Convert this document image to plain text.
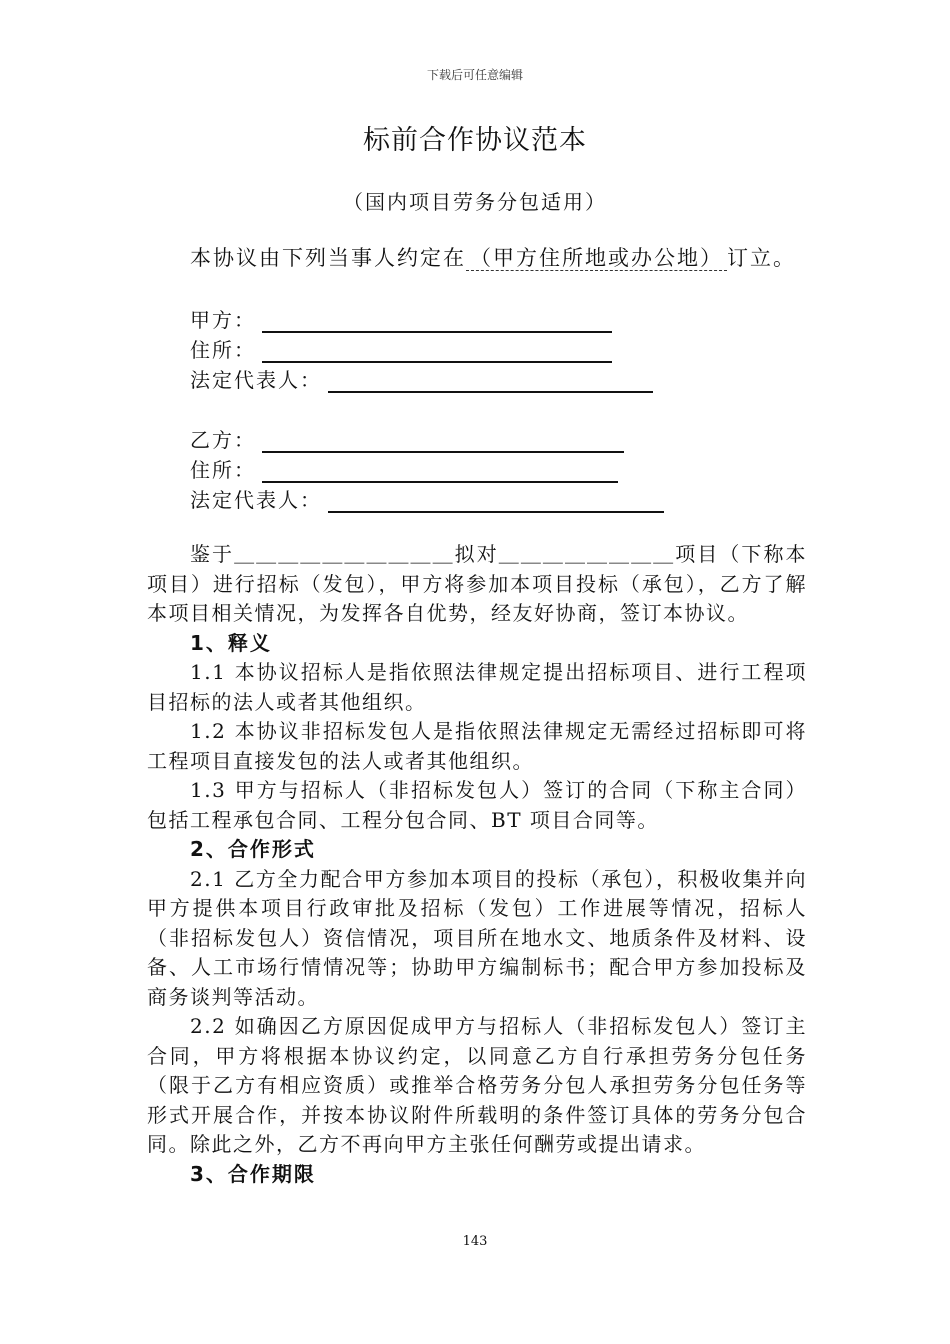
下载后可任意编辑
标前合作协议范本
（国内项目劳务分包适用）
本协议由下列当事人约定在 （甲方住所地或办公地） 订立。
甲方：
住所：
法定代表人：
乙方：
住所：
法定代表人：

鉴于＿＿＿＿＿＿＿＿＿＿拟对＿＿＿＿＿＿＿＿项目（下称本项目）进行招标（发包），甲方将参加本项目投标（承包），乙方了解本项目相关情况，为发挥各自优势，经友好协商，签订本协议。

1、释义

1.1 本协议招标人是指依照法律规定提出招标项目、进行工程项目招标的法人或者其他组织。

1.2 本协议非招标发包人是指依照法律规定无需经过招标即可将工程项目直接发包的法人或者其他组织。

1.3 甲方与招标人（非招标发包人）签订的合同（下称主合同）包括工程承包合同、工程分包合同、BT 项目合同等。

2、合作形式

2.1 乙方全力配合甲方参加本项目的投标（承包），积极收集并向甲方提供本项目行政审批及招标（发包）工作进展等情况，招标人（非招标发包人）资信情况，项目所在地水文、地质条件及材料、设备、人工市场行情情况等；协助甲方编制标书；配合甲方参加投标及商务谈判等活动。

2.2 如确因乙方原因促成甲方与招标人（非招标发包人）签订主合同，甲方将根据本协议约定，以同意乙方自行承担劳务分包任务（限于乙方有相应资质）或推举合格劳务分包人承担劳务分包任务等形式开展合作，并按本协议附件所载明的条件签订具体的劳务分包合同。除此之外，乙方不再向甲方主张任何酬劳或提出请求。

3、合作期限

143
